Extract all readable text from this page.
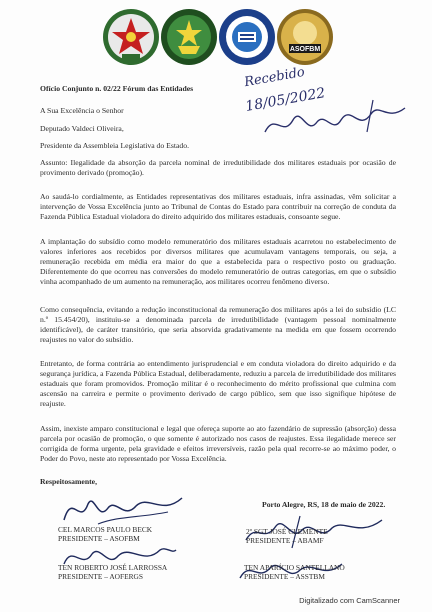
ASOFBM
Ofício Conjunto n. 02/22 Fórum das Entidades	Recebido
18/05/2022
A Sua Excelência o Senhor
Deputado Valdeci Oliveira,
Presidente da Assembleia Legislativa do Estado.
Assunto: Ilegalidade da absorção da parcela nominal de irredutibilidade dos militares estaduais por ocasião de provimento derivado (promoção).
Ao saudá-lo cordialmente, as Entidades representativas dos militares estaduais, infra assinadas, vêm solicitar a intervenção de Vossa Excelência junto ao Tribunal de Contas do Estado para contribuir na correção de conduta da Fazenda Pública Estadual violadora do direito adquirido dos militares estaduais, consoante segue.
A implantação do subsídio como modelo remuneratório dos militares estaduais acarretou no estabelecimento de valores inferiores aos recebidos por diversos militares que acumulavam vantagens temporais, ou seja, a remuneração recebida em média era maior do que a estabelecida para o respectivo posto ou graduação. Diferentemente do que ocorreu nas conversões do modelo remuneratório de outras categorias, em que o subsídio vinha acompanhado de um aumento na remuneração, aos militares ocorreu fenômeno diverso.
Como consequência, evitando a redução inconstitucional da remuneração dos militares após a lei do subsídio (LC n.º 15.454/20), instituiu-se a denominada parcela de irredutibilidade (vantagem pessoal nominalmente identificável), de caráter transitório, que seria absorvida gradativamente na medida em que fossem ocorrendo reajustes no valor do subsídio.
Entretanto, de forma contrária ao entendimento jurisprudencial e em conduta violadora do direito adquirido e da segurança jurídica, a Fazenda Pública Estadual, deliberadamente, reduziu a parcela de irredutibilidade dos militares estaduais que foram promovidos. Promoção militar é o reconhecimento do mérito profissional que culmina com ascensão na carreira e permite o provimento derivado de cargo público, sem que isso signifique hipótese de reajuste.
Assim, inexiste amparo constitucional e legal que ofereça suporte ao ato fazendário de supressão (absorção) dessa parcela por ocasião de promoção, o que somente é autorizado nos casos de reajustes. Essa ilegalidade merece ser corrigida de forma urgente, pela gravidade e efeitos irreversíveis, razão pela qual recorre-se ao máximo poder, o Poder do Povo, neste ato representado por Vossa Excelência.
Respeitosamente,
Porto Alegre, RS, 18 de maio de 2022.
CEL MARCOS PAULO BECK
PRESIDENTE – ASOFBM
TEN ROBERTO JOSÉ LARROSSA
PRESIDENTE – AOFERGS
2º SGT JOSÉ CLEMENTE
PRESIDENTE – ABAMF
TEN APARÍCIO SANTELLANO
PRESIDENTE – ASSTBM
Digitalizado com CamScanner
